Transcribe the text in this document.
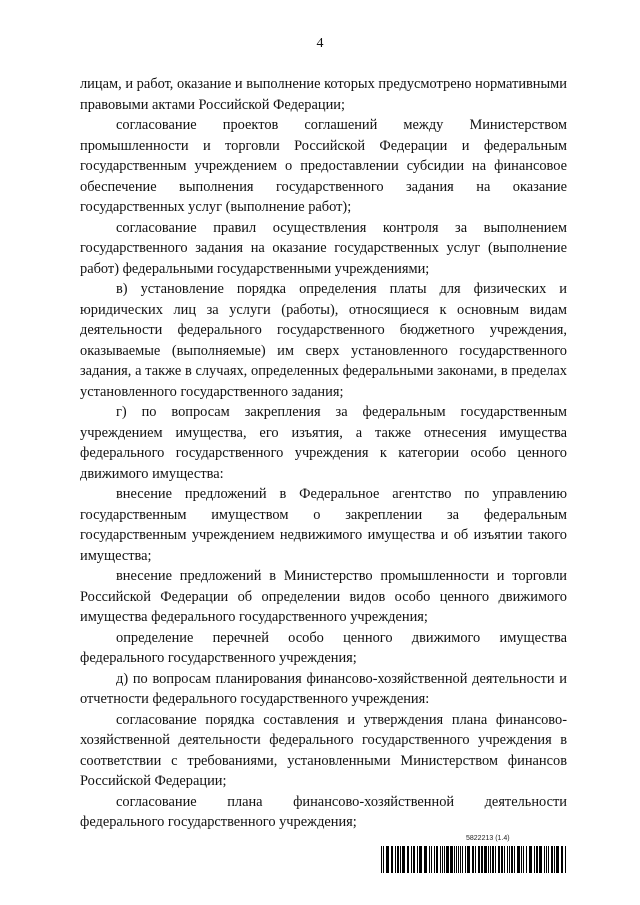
4

лицам, и работ, оказание и выполнение которых предусмотрено нормативными правовыми актами Российской Федерации;

согласование проектов соглашений между Министерством промышленности и торговли Российской Федерации и федеральным государственным учреждением о предоставлении субсидии на финансовое обеспечение выполнения государственного задания на оказание государственных услуг (выполнение работ);

согласование правил осуществления контроля за выполнением государственного задания на оказание государственных услуг (выполнение работ) федеральными государственными учреждениями;

в) установление порядка определения платы для физических и юридических лиц за услуги (работы), относящиеся к основным видам деятельности федерального государственного бюджетного учреждения, оказываемые (выполняемые) им сверх установленного государственного задания, а также в случаях, определенных федеральными законами, в пределах установленного государственного задания;

г) по вопросам закрепления за федеральным государственным учреждением имущества, его изъятия, а также отнесения имущества федерального государственного учреждения к категории особо ценного движимого имущества:

внесение предложений в Федеральное агентство по управлению государственным имуществом о закреплении за федеральным государственным учреждением недвижимого имущества и об изъятии такого имущества;

внесение предложений в Министерство промышленности и торговли Российской Федерации об определении видов особо ценного движимого имущества федерального государственного учреждения;

определение перечней особо ценного движимого имущества федерального государственного учреждения;

д) по вопросам планирования финансово-хозяйственной деятельности и отчетности федерального государственного учреждения:

согласование порядка составления и утверждения плана финансово-хозяйственной деятельности федерального государственного учреждения в соответствии с требованиями, установленными Министерством финансов Российской Федерации;

согласование плана финансово-хозяйственной деятельности федерального государственного учреждения;

5822213 (1.4)
